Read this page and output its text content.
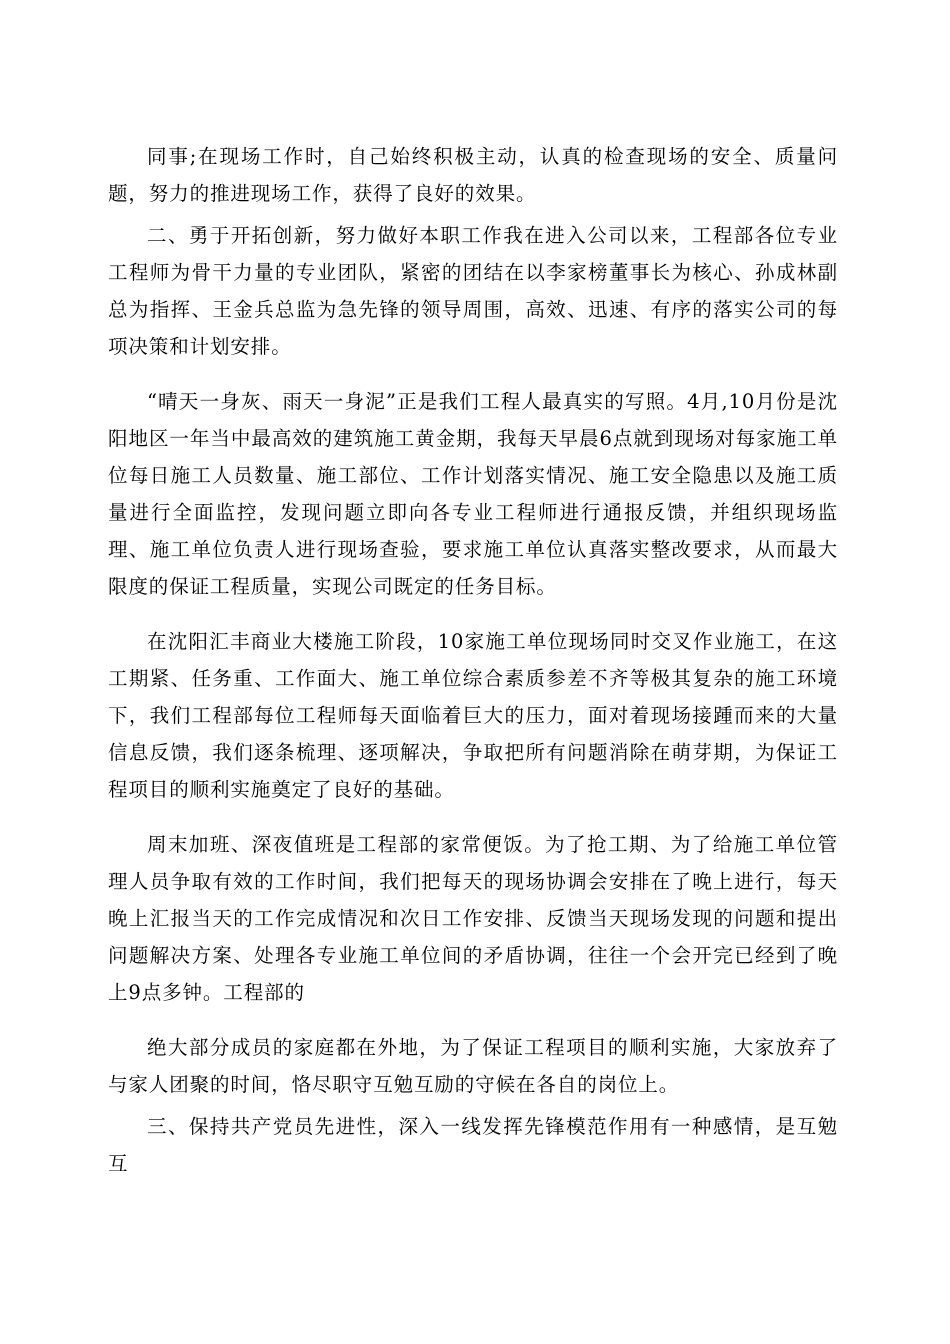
同事;在现场工作时，自己始终积极主动，认真的检查现场的安全、质量问题，努力的推进现场工作，获得了良好的效果。

二、勇于开拓创新，努力做好本职工作我在进入公司以来，工程部各位专业工程师为骨干力量的专业团队，紧密的团结在以李家榜董事长为核心、孙成林副总为指挥、王金兵总监为急先锋的领导周围，高效、迅速、有序的落实公司的每项决策和计划安排。

“晴天一身灰、雨天一身泥”正是我们工程人最真实的写照。4月,10月份是沈阳地区一年当中最高效的建筑施工黄金期，我每天早晨6点就到现场对每家施工单位每日施工人员数量、施工部位、工作计划落实情况、施工安全隐患以及施工质量进行全面监控，发现问题立即向各专业工程师进行通报反馈，并组织现场监理、施工单位负责人进行现场查验，要求施工单位认真落实整改要求，从而最大限度的保证工程质量，实现公司既定的任务目标。

在沈阳汇丰商业大楼施工阶段，10家施工单位现场同时交叉作业施工，在这工期紧、任务重、工作面大、施工单位综合素质参差不齐等极其复杂的施工环境下，我们工程部每位工程师每天面临着巨大的压力，面对着现场接踵而来的大量信息反馈，我们逐条梳理、逐项解决，争取把所有问题消除在萌芽期，为保证工程项目的顺利实施奠定了良好的基础。

周末加班、深夜值班是工程部的家常便饭。为了抢工期、为了给施工单位管理人员争取有效的工作时间，我们把每天的现场协调会安排在了晚上进行，每天晚上汇报当天的工作完成情况和次日工作安排、反馈当天现场发现的问题和提出问题解决方案、处理各专业施工单位间的矛盾协调，往往一个会开完已经到了晚上9点多钟。工程部的

绝大部分成员的家庭都在外地，为了保证工程项目的顺利实施，大家放弃了与家人团聚的时间，恪尽职守互勉互励的守候在各自的岗位上。

三、保持共产党员先进性，深入一线发挥先锋模范作用有一种感情，是互勉互
